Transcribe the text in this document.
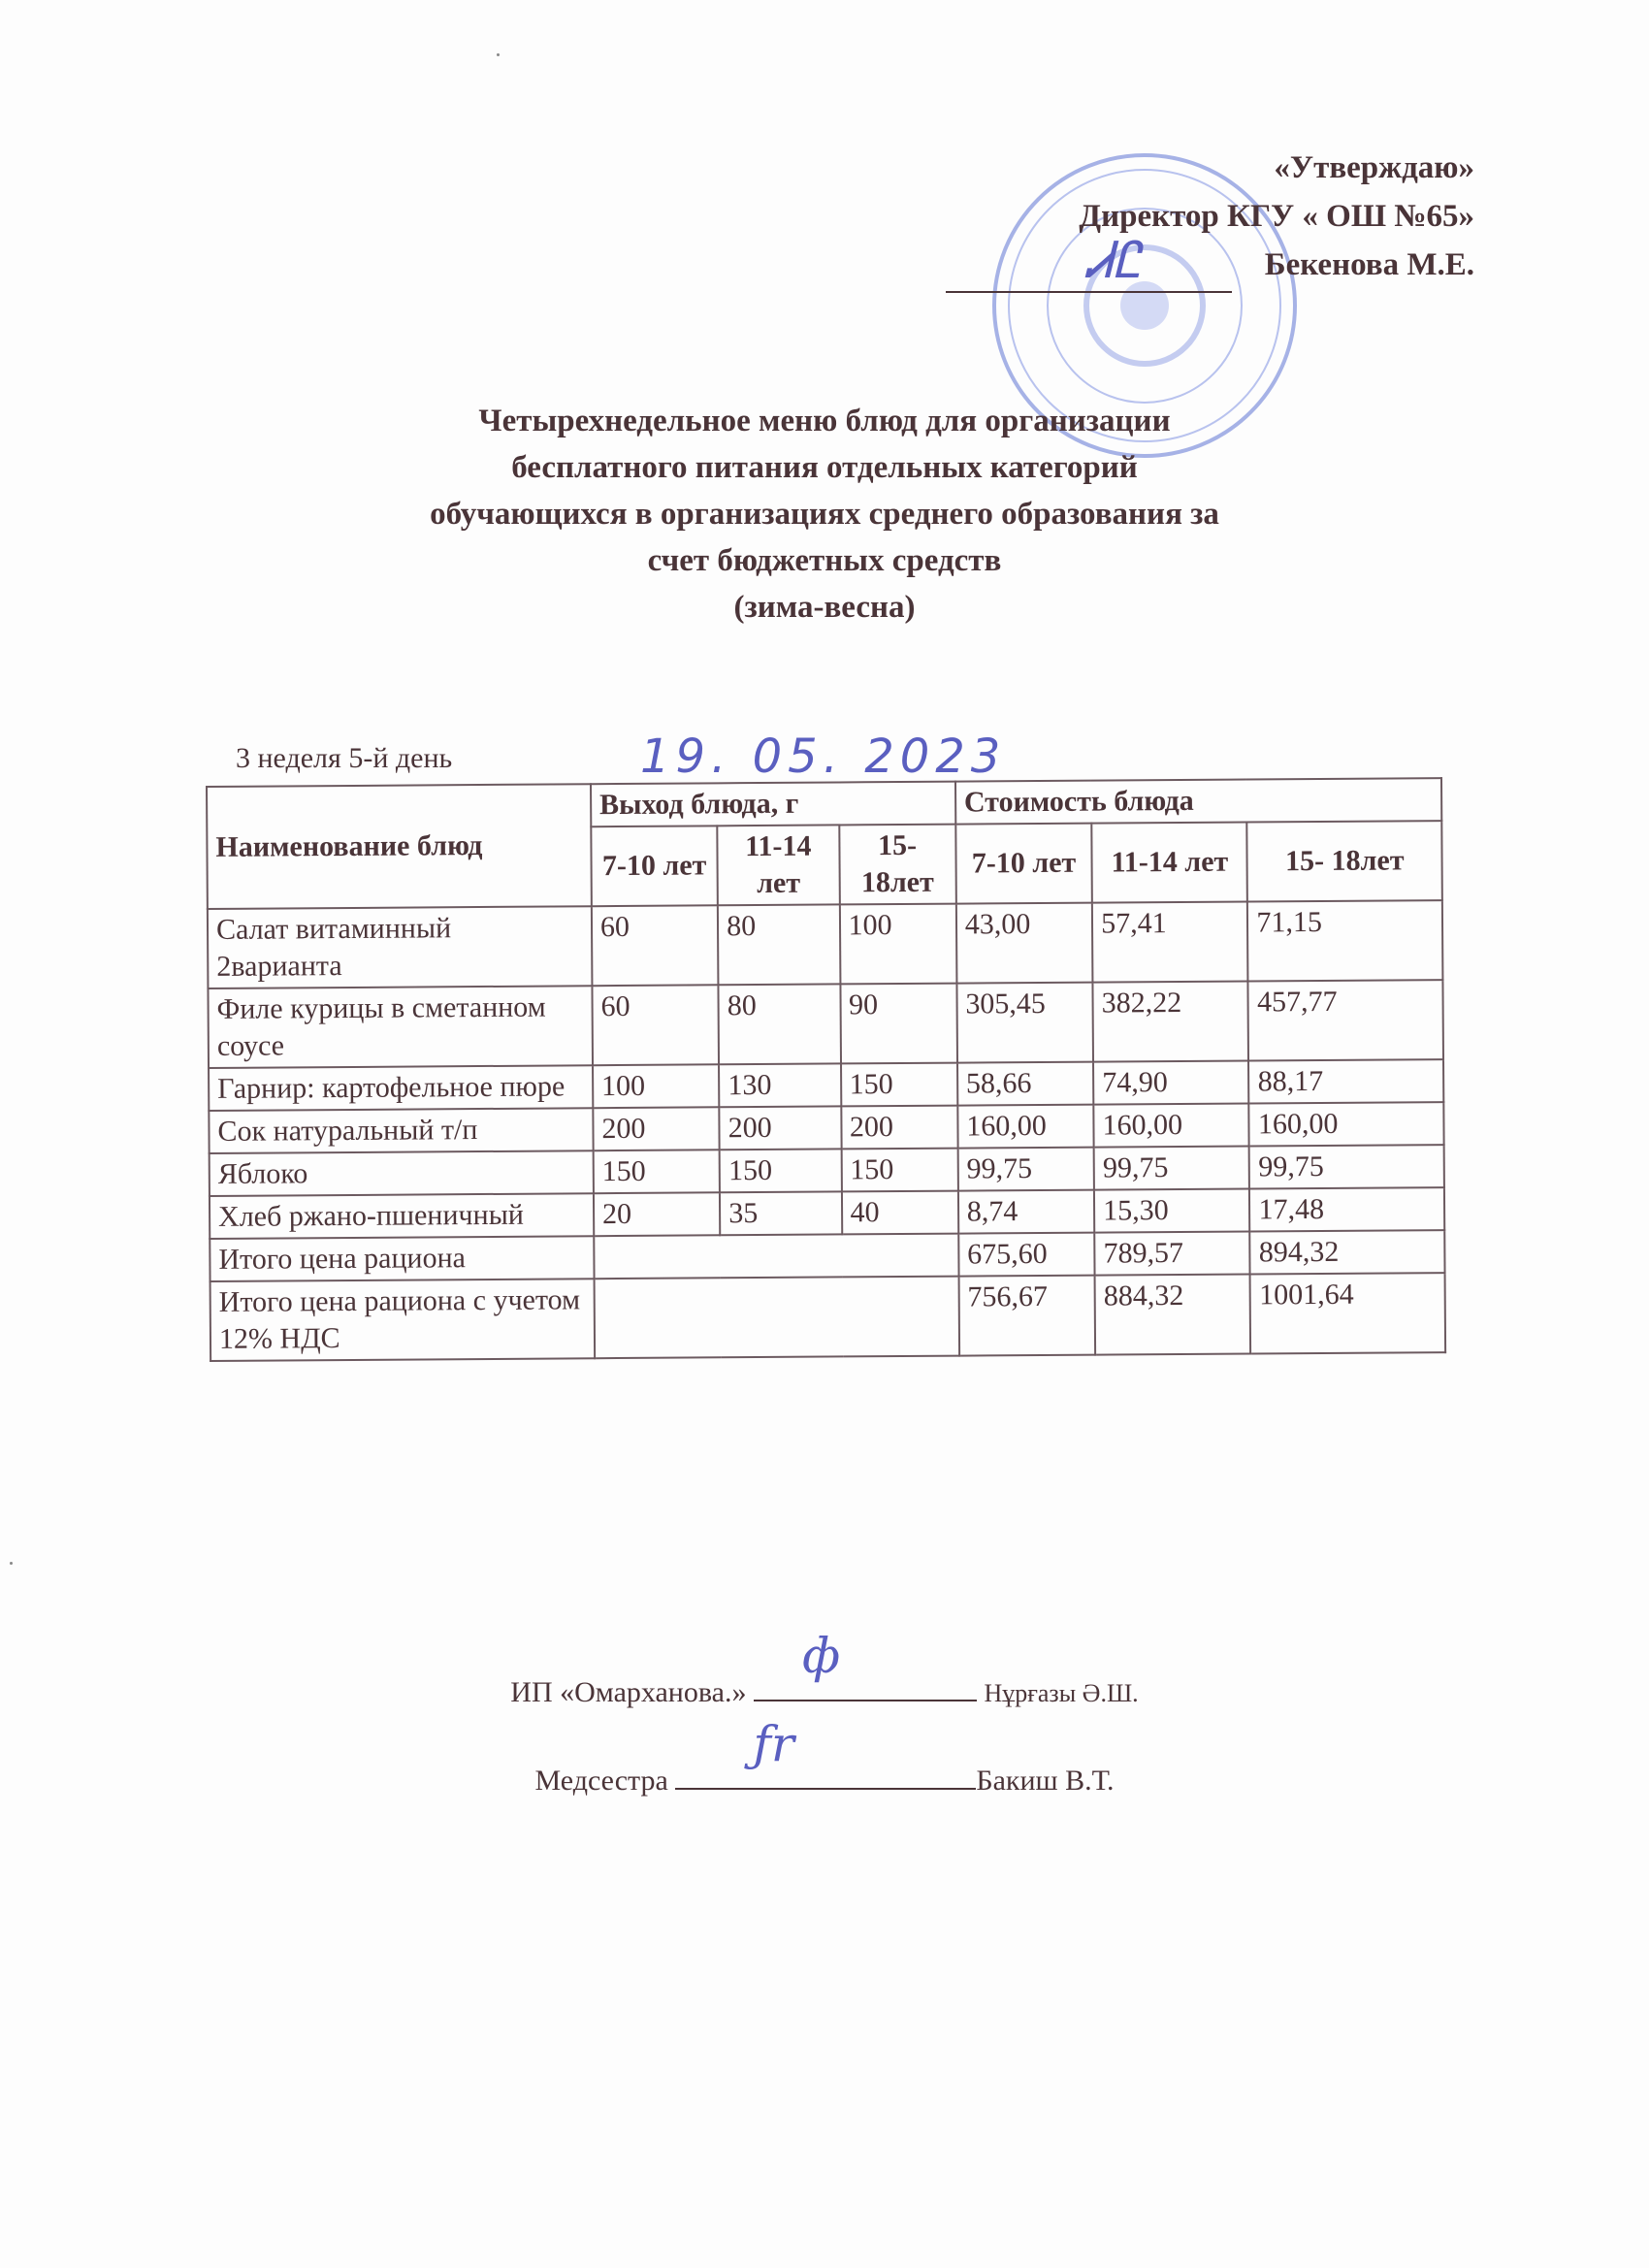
«Утверждаю»
Директор КГУ « ОШ №65»
Бекенова М.Е.
ᏗᏝ
Четырехнедельное меню блюд для организации
бесплатного питания отдельных категорий
обучающихся в организациях среднего образования за
счет бюджетных средств
(зима-весна)
3 неделя 5-й день	19. 05. 2023
Наименование блюд	Выход блюда, г			Стоимость блюда		
	7-10 лет	11-14 лет	15- 18лет	7-10 лет	11-14 лет	15- 18лет
Салат витаминный 2варианта	60	80	100	43,00	57,41	71,15
Филе курицы в сметанном соусе	60	80	90	305,45	382,22	457,77
Гарнир: картофельное пюре	100	130	150	58,66	74,90	88,17
Сок натуральный т/п	200	200	200	160,00	160,00	160,00
Яблоко	150	150	150	99,75	99,75	99,75
Хлеб ржано-пшеничный	20	35	40	8,74	15,30	17,48
Итого цена рациона				675,60	789,57	894,32
Итого цена рациона с учетом 12% НДС				756,67	884,32	1001,64
ИП «Омарханова.»
ф
Нұрғазы Ә.Ш.
Медсестра
ƒr
Бакиш В.Т.
